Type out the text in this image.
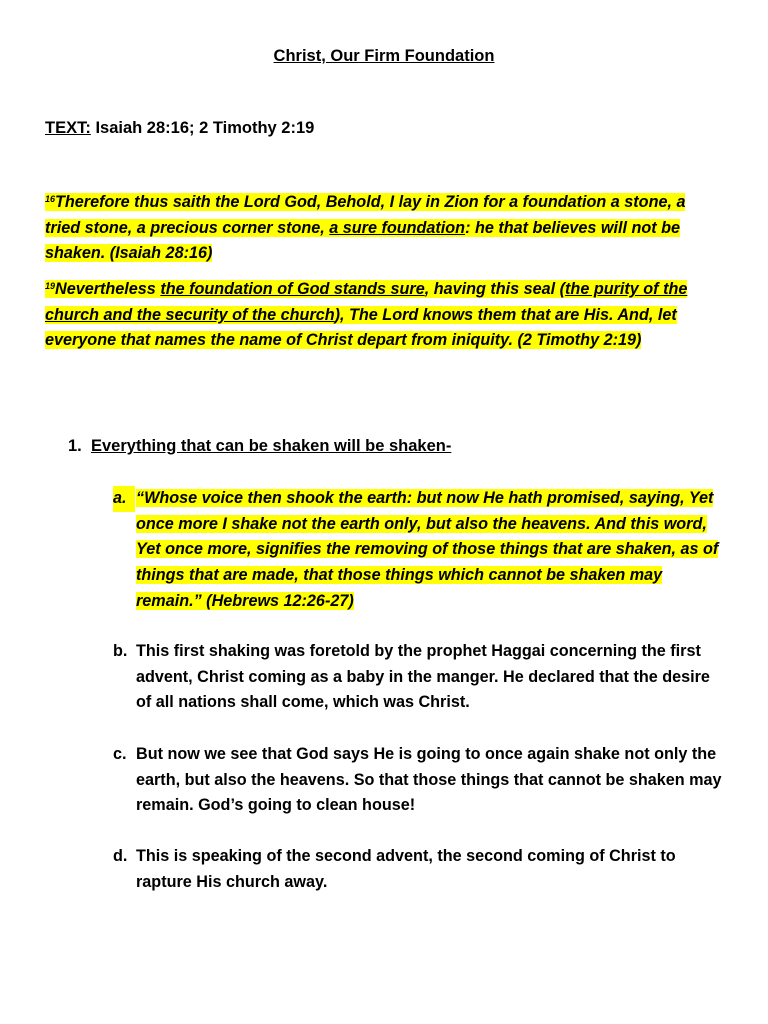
Christ, Our Firm Foundation
TEXT: Isaiah 28:16; 2 Timothy 2:19
$^{16}$Therefore thus saith the Lord God, Behold, I lay in Zion for a foundation a stone, a tried stone, a precious corner stone, a sure foundation: he that believes will not be shaken. (Isaiah 28:16)
$^{19}$Nevertheless the foundation of God stands sure, having this seal (the purity of the church and the security of the church), The Lord knows them that are His. And, let everyone that names the name of Christ depart from iniquity. (2 Timothy 2:19)
1. Everything that can be shaken will be shaken-
a. “Whose voice then shook the earth: but now He hath promised, saying, Yet once more I shake not the earth only, but also the heavens. And this word, Yet once more, signifies the removing of those things that are shaken, as of things that are made, that those things which cannot be shaken may remain.” (Hebrews 12:26-27)
b. This first shaking was foretold by the prophet Haggai concerning the first advent, Christ coming as a baby in the manger. He declared that the desire of all nations shall come, which was Christ.
c. But now we see that God says He is going to once again shake not only the earth, but also the heavens. So that those things that cannot be shaken may remain. God’s going to clean house!
d. This is speaking of the second advent, the second coming of Christ to rapture His church away.
